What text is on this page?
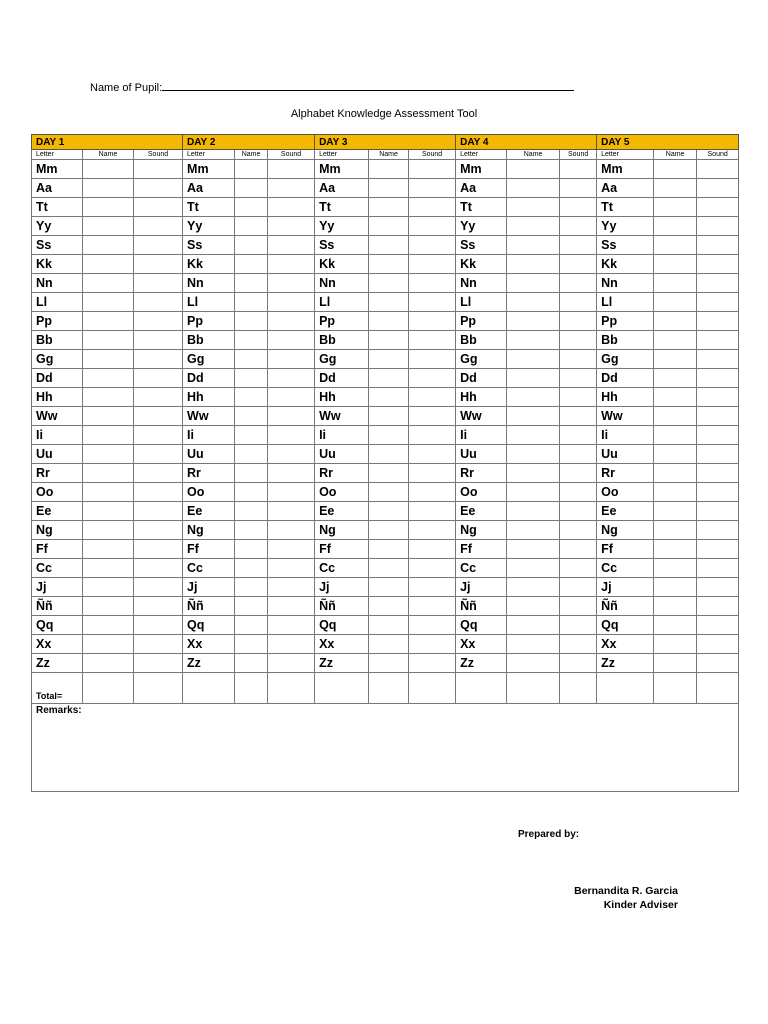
Name of Pupil:
Alphabet Knowledge Assessment Tool
DAY 1			DAY 2			DAY 3			DAY 4			DAY 5		
Letter	Name	Sound	Letter	Name	Sound	Letter	Name	Sound	Letter	Name	Sound	Letter	Name	Sound
Mm			Mm			Mm			Mm			Mm		
Aa			Aa			Aa			Aa			Aa		
Tt			Tt			Tt			Tt			Tt		
Yy			Yy			Yy			Yy			Yy		
Ss			Ss			Ss			Ss			Ss		
Kk			Kk			Kk			Kk			Kk		
Nn			Nn			Nn			Nn			Nn		
Ll			Ll			Ll			Ll			Ll		
Pp			Pp			Pp			Pp			Pp		
Bb			Bb			Bb			Bb			Bb		
Gg			Gg			Gg			Gg			Gg		
Dd			Dd			Dd			Dd			Dd		
Hh			Hh			Hh			Hh			Hh		
Ww			Ww			Ww			Ww			Ww		
Ii			Ii			Ii			Ii			Ii		
Uu			Uu			Uu			Uu			Uu		
Rr			Rr			Rr			Rr			Rr		
Oo			Oo			Oo			Oo			Oo		
Ee			Ee			Ee			Ee			Ee		
Ng			Ng			Ng			Ng			Ng		
Ff			Ff			Ff			Ff			Ff		
Cc			Cc			Cc			Cc			Cc		
Jj			Jj			Jj			Jj			Jj		
Ññ			Ññ			Ññ			Ññ			Ññ		
Qq			Qq			Qq			Qq			Qq		
Xx			Xx			Xx			Xx			Xx		
Zz			Zz			Zz			Zz			Zz		
Total=														
Remarks:														
Prepared by:
Bernandita R. Garcia
Kinder Adviser
